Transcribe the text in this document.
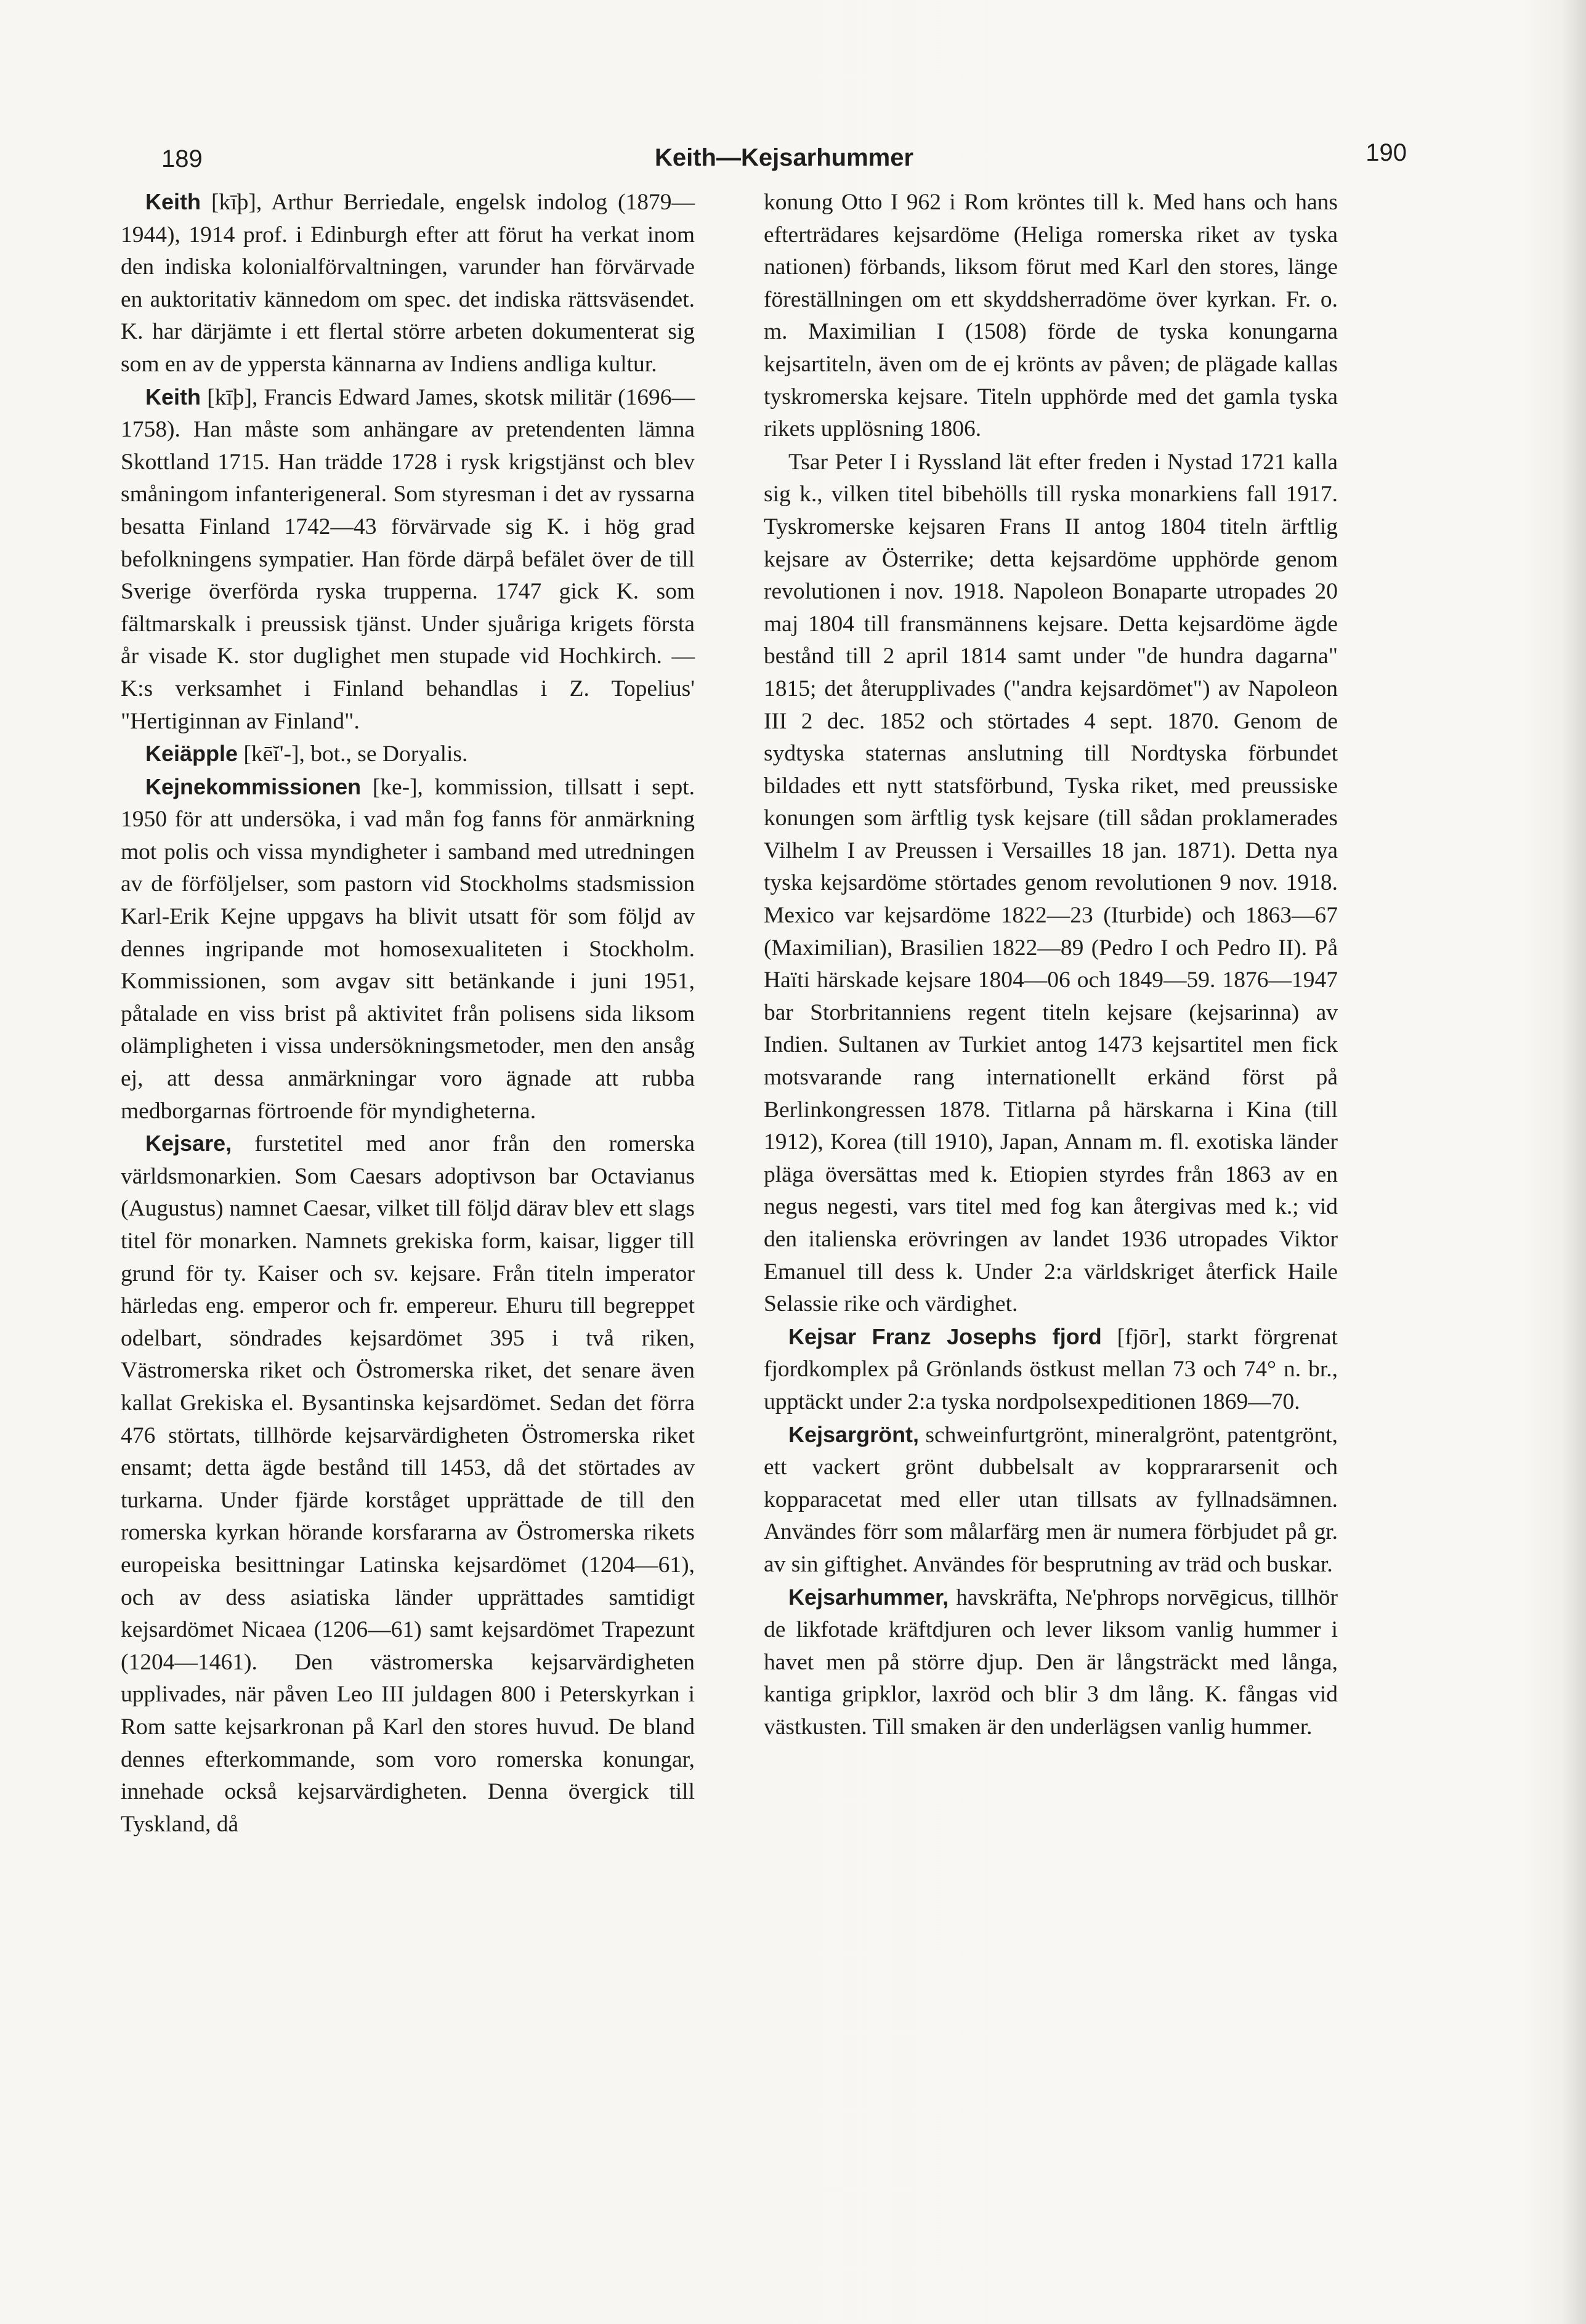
189	Keith—Kejsarhummer	190

Keith [kīþ], Arthur Berriedale, engelsk indolog (1879—1944), 1914 prof. i Edinburgh efter att förut ha verkat inom den indiska kolonialförvaltningen, varunder han förvärvade en auktoritativ kännedom om spec. det indiska rättsväsendet. K. har därjämte i ett flertal större arbeten dokumenterat sig som en av de yppersta kännarna av Indiens andliga kultur.

Keith [kīþ], Francis Edward James, skotsk militär (1696—1758). Han måste som anhängare av pretendenten lämna Skottland 1715. Han trädde 1728 i rysk krigstjänst och blev småningom infanterigeneral. Som styresman i det av ryssarna besatta Finland 1742—43 förvärvade sig K. i hög grad befolkningens sympatier. Han förde därpå befälet över de till Sverige överförda ryska trupperna. 1747 gick K. som fältmarskalk i preussisk tjänst. Under sjuåriga krigets första år visade K. stor duglighet men stupade vid Hochkirch. — K:s verksamhet i Finland behandlas i Z. Topelius' "Hertiginnan av Finland".

Keiäpple [kēĭ'-], bot., se Doryalis.

Kejnekommissionen [ke-], kommission, tillsatt i sept. 1950 för att undersöka, i vad mån fog fanns för anmärkning mot polis och vissa myndigheter i samband med utredningen av de förföljelser, som pastorn vid Stockholms stadsmission Karl-Erik Kejne uppgavs ha blivit utsatt för som följd av dennes ingripande mot homosexualiteten i Stockholm. Kommissionen, som avgav sitt betänkande i juni 1951, påtalade en viss brist på aktivitet från polisens sida liksom olämpligheten i vissa undersökningsmetoder, men den ansåg ej, att dessa anmärkningar voro ägnade att rubba medborgarnas förtroende för myndigheterna.

Kejsare, furstetitel med anor från den romerska världsmonarkien. Som Caesars adoptivson bar Octavianus (Augustus) namnet Caesar, vilket till följd därav blev ett slags titel för monarken. Namnets grekiska form, kaisar, ligger till grund för ty. Kaiser och sv. kejsare. Från titeln imperator härledas eng. emperor och fr. empereur. Ehuru till begreppet odelbart, söndrades kejsardömet 395 i två riken, Västromerska riket och Östromerska riket, det senare även kallat Grekiska el. Bysantinska kejsardömet. Sedan det förra 476 störtats, tillhörde kejsarvärdigheten Östromerska riket ensamt; detta ägde bestånd till 1453, då det störtades av turkarna. Under fjärde korståget upprättade de till den romerska kyrkan hörande korsfararna av Östromerska rikets europeiska besittningar Latinska kejsardömet (1204—61), och av dess asiatiska länder upprättades samtidigt kejsardömet Nicaea (1206—61) samt kejsardömet Trapezunt (1204—1461). Den västromerska kejsarvärdigheten upplivades, när påven Leo III juldagen 800 i Peterskyrkan i Rom satte kejsarkronan på Karl den stores huvud. De bland dennes efterkommande, som voro romerska konungar, innehade också kejsarvärdigheten. Denna övergick till Tyskland, då

konung Otto I 962 i Rom kröntes till k. Med hans och hans efterträdares kejsardöme (Heliga romerska riket av tyska nationen) förbands, liksom förut med Karl den stores, länge föreställningen om ett skyddsherradöme över kyrkan. Fr. o. m. Maximilian I (1508) förde de tyska konungarna kejsartiteln, även om de ej krönts av påven; de plägade kallas tyskromerska kejsare. Titeln upphörde med det gamla tyska rikets upplösning 1806.

Tsar Peter I i Ryssland lät efter freden i Nystad 1721 kalla sig k., vilken titel bibehölls till ryska monarkiens fall 1917. Tyskromerske kejsaren Frans II antog 1804 titeln ärftlig kejsare av Österrike; detta kejsardöme upphörde genom revolutionen i nov. 1918. Napoleon Bonaparte utropades 20 maj 1804 till fransmännens kejsare. Detta kejsardöme ägde bestånd till 2 april 1814 samt under "de hundra dagarna" 1815; det återupplivades ("andra kejsardömet") av Napoleon III 2 dec. 1852 och störtades 4 sept. 1870. Genom de sydtyska staternas anslutning till Nordtyska förbundet bildades ett nytt statsförbund, Tyska riket, med preussiske konungen som ärftlig tysk kejsare (till sådan proklamerades Vilhelm I av Preussen i Versailles 18 jan. 1871). Detta nya tyska kejsardöme störtades genom revolutionen 9 nov. 1918. Mexico var kejsardöme 1822—23 (Iturbide) och 1863—67 (Maximilian), Brasilien 1822—89 (Pedro I och Pedro II). På Haïti härskade kejsare 1804—06 och 1849—59. 1876—1947 bar Storbritanniens regent titeln kejsare (kejsarinna) av Indien. Sultanen av Turkiet antog 1473 kejsartitel men fick motsvarande rang internationellt erkänd först på Berlinkongressen 1878. Titlarna på härskarna i Kina (till 1912), Korea (till 1910), Japan, Annam m. fl. exotiska länder pläga översättas med k. Etiopien styrdes från 1863 av en negus negesti, vars titel med fog kan återgivas med k.; vid den italienska erövringen av landet 1936 utropades Viktor Emanuel till dess k. Under 2:a världskriget återfick Haile Selassie rike och värdighet.

Kejsar Franz Josephs fjord [fjōr], starkt förgrenat fjordkomplex på Grönlands östkust mellan 73 och 74° n. br., upptäckt under 2:a tyska nordpolsexpeditionen 1869—70.

Kejsargrönt, schweinfurtgrönt, mineralgrönt, patentgrönt, ett vackert grönt dubbelsalt av kopprararsenit och kopparacetat med eller utan tillsats av fyllnadsämnen. Användes förr som målarfärg men är numera förbjudet på gr. av sin giftighet. Användes för besprutning av träd och buskar.

Kejsarhummer, havskräfta, Ne'phrops norvēgicus, tillhör de likfotade kräftdjuren och lever liksom vanlig hummer i havet men på större djup. Den är långsträckt med långa, kantiga gripklor, laxröd och blir 3 dm lång. K. fångas vid västkusten. Till smaken är den underlägsen vanlig hummer.
